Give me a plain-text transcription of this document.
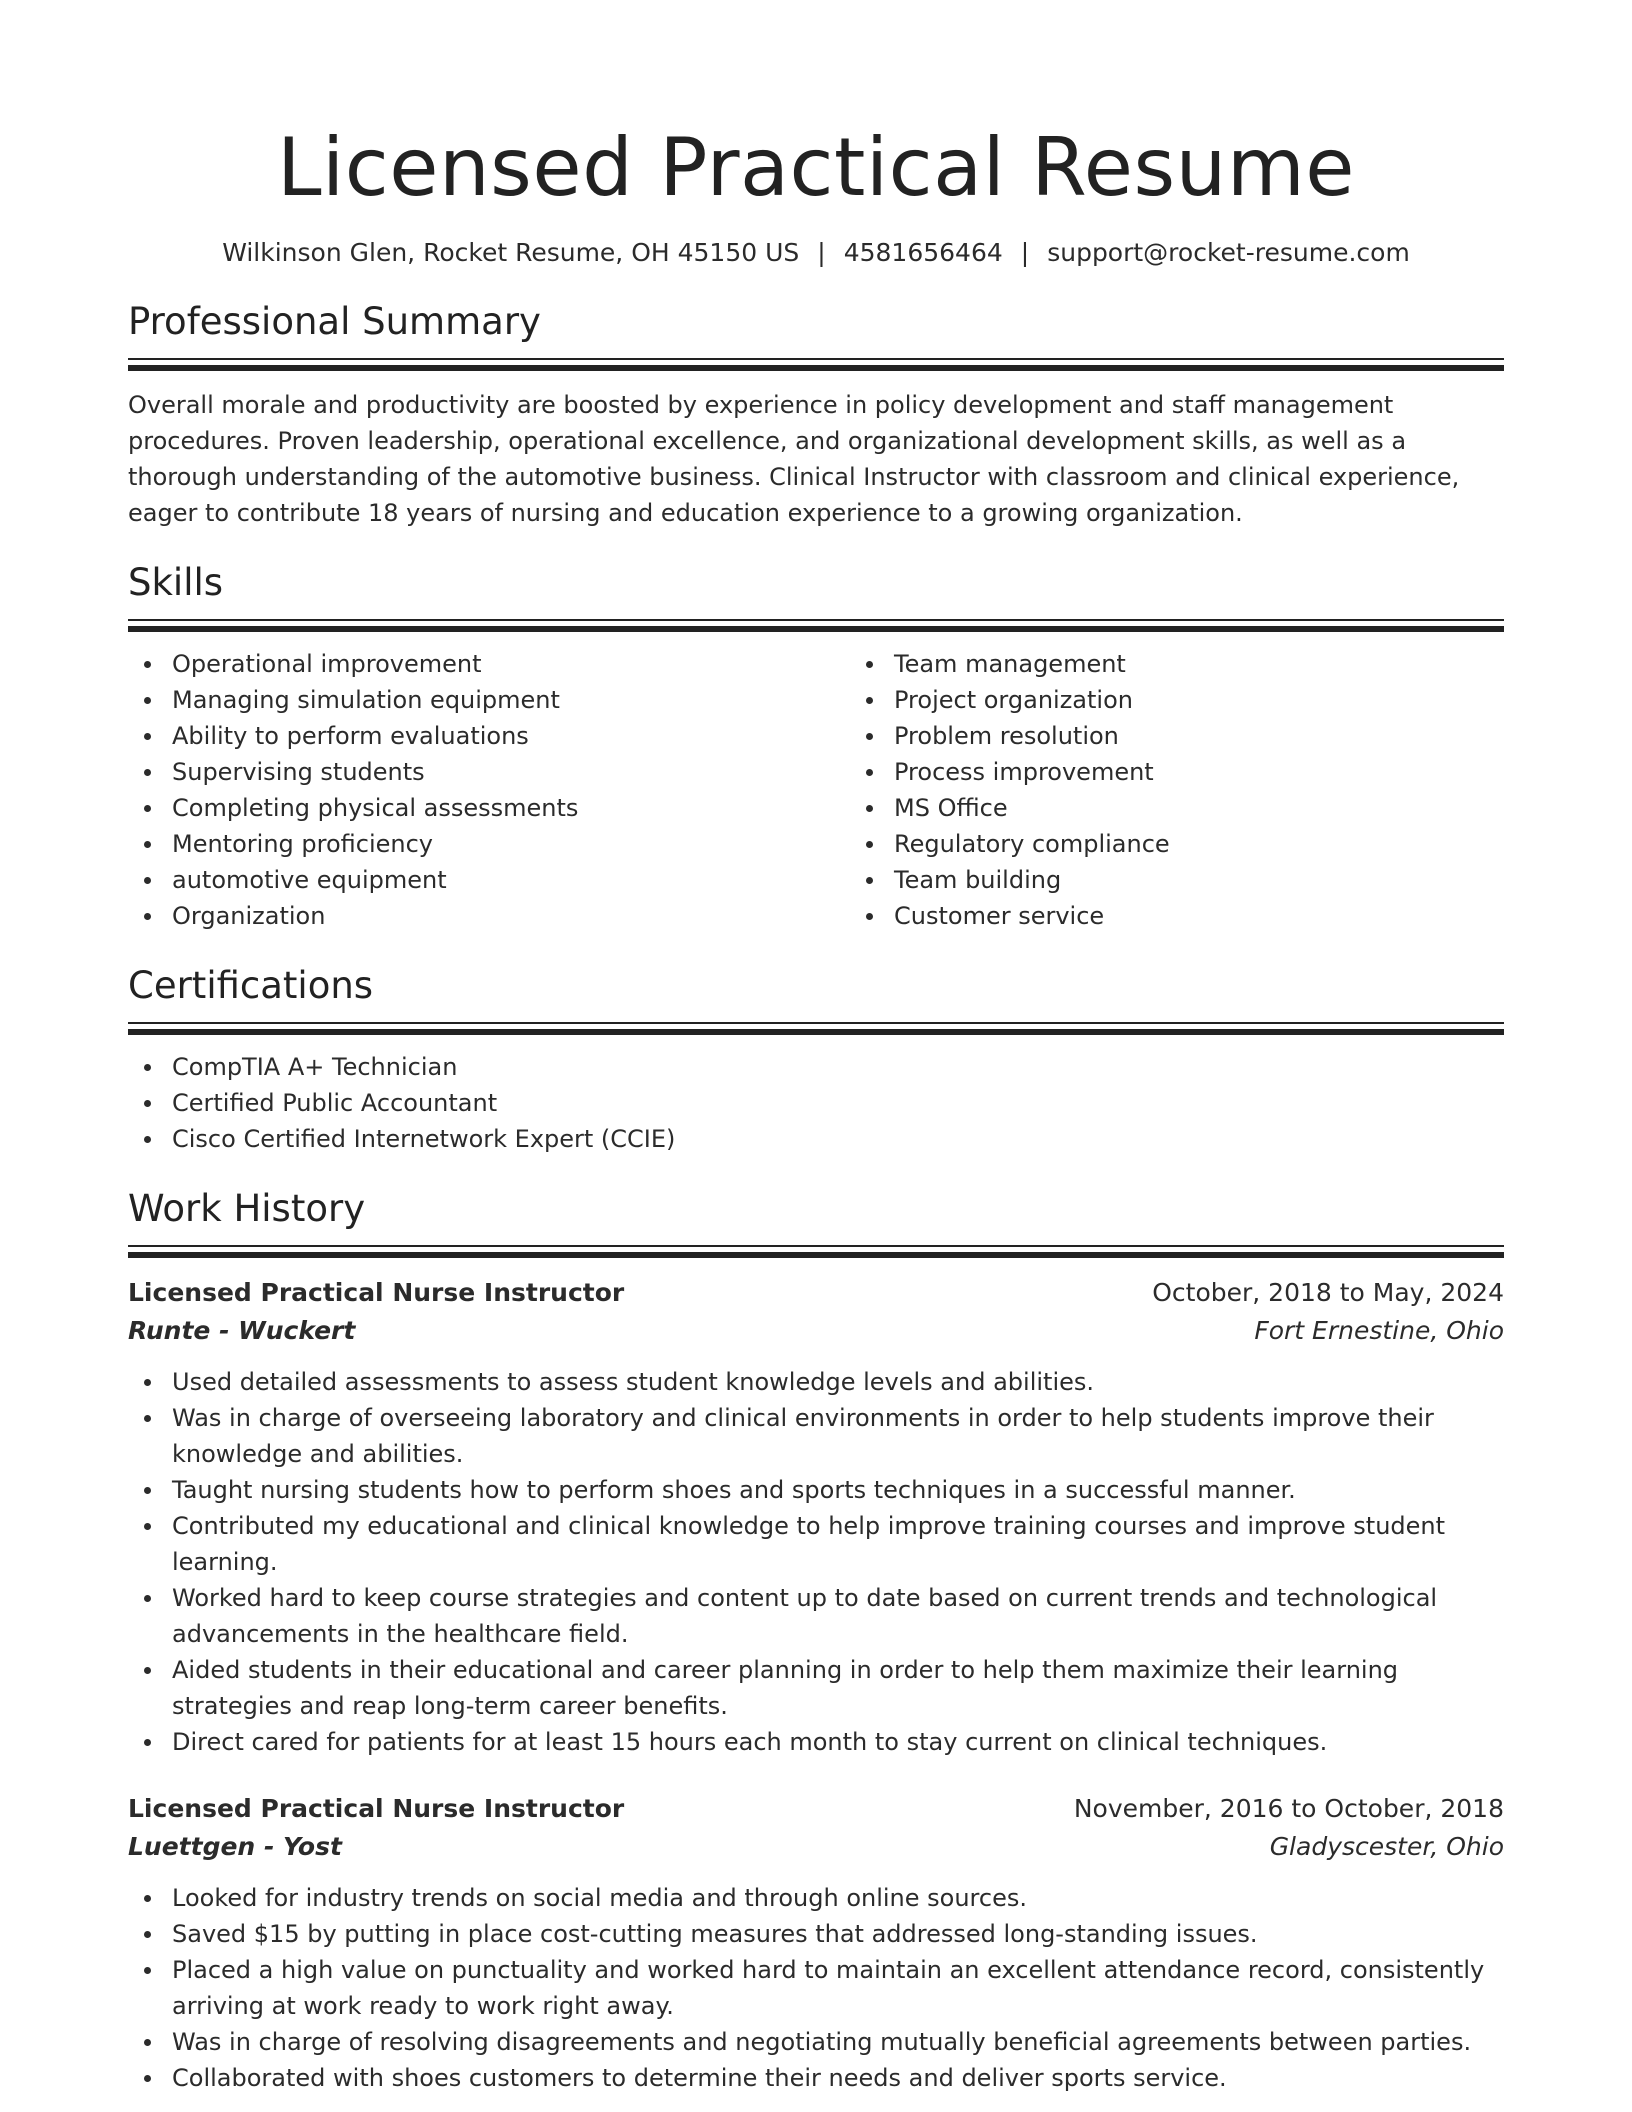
Licensed Practical Resume
Wilkinson Glen, Rocket Resume, OH 45150 US | 4581656464 | support@rocket-resume.com
Professional Summary

Overall morale and productivity are boosted by experience in policy development and staff management procedures. Proven leadership, operational excellence, and organizational development skills, as well as a thorough understanding of the automotive business. Clinical Instructor with classroom and clinical experience, eager to contribute 18 years of nursing and education experience to a growing organization.

Skills
Operational improvement
Managing simulation equipment
Ability to perform evaluations
Supervising students
Completing physical assessments
Mentoring proficiency
automotive equipment
Organization
Team management
Project organization
Problem resolution
Process improvement
MS Office
Regulatory compliance
Team building
Customer service
Certifications
CompTIA A+ Technician
Certified Public Accountant
Cisco Certified Internetwork Expert (CCIE)
Work History
Licensed Practical Nurse Instructor	October, 2018 to May, 2024
Runte - Wuckert	Fort Ernestine, Ohio
Used detailed assessments to assess student knowledge levels and abilities.
Was in charge of overseeing laboratory and clinical environments in order to help students improve their knowledge and abilities.
Taught nursing students how to perform shoes and sports techniques in a successful manner.
Contributed my educational and clinical knowledge to help improve training courses and improve student learning.
Worked hard to keep course strategies and content up to date based on current trends and technological advancements in the healthcare field.
Aided students in their educational and career planning in order to help them maximize their learning strategies and reap long-term career benefits.
Direct cared for patients for at least 15 hours each month to stay current on clinical techniques.
Licensed Practical Nurse Instructor	November, 2016 to October, 2018
Luettgen - Yost	Gladyscester, Ohio
Looked for industry trends on social media and through online sources.
Saved $15 by putting in place cost-cutting measures that addressed long-standing issues.
Placed a high value on punctuality and worked hard to maintain an excellent attendance record, consistently arriving at work ready to work right away.
Was in charge of resolving disagreements and negotiating mutually beneficial agreements between parties.
Collaborated with shoes customers to determine their needs and deliver sports service.
